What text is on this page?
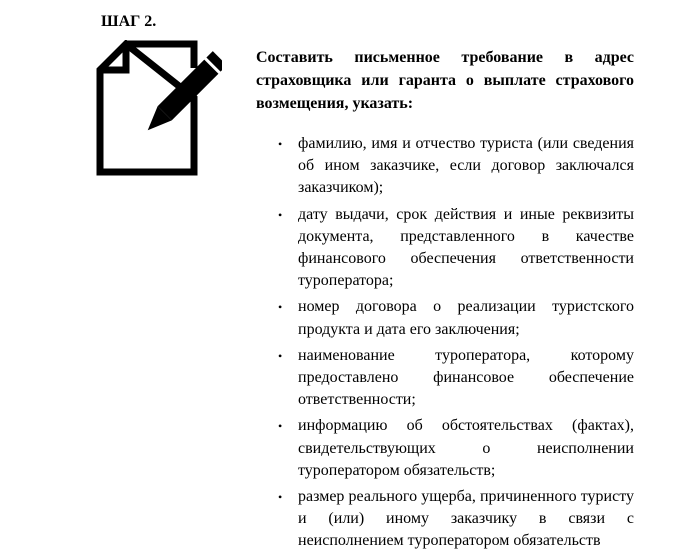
ШАГ 2.

Составить письменное требование в адрес страховщика или гаранта о выплате страхового возмещения, указать:

• фамилию, имя и отчество туриста (или сведения об ином заказчике, если договор заключался заказчиком);
• дату выдачи, срок действия и иные реквизиты документа, представленного в качестве финансового обеспечения ответственности туроператора;
• номер договора о реализации туристского продукта и дата его заключения;
• наименование туроператора, которому предоставлено финансовое обеспечение ответственности;
• информацию об обстоятельствах (фактах), свидетельствующих о неисполнении туроператором обязательств;
• размер реального ущерба, причиненного туристу и (или) иному заказчику в связи с неисполнением туроператором обязательств
